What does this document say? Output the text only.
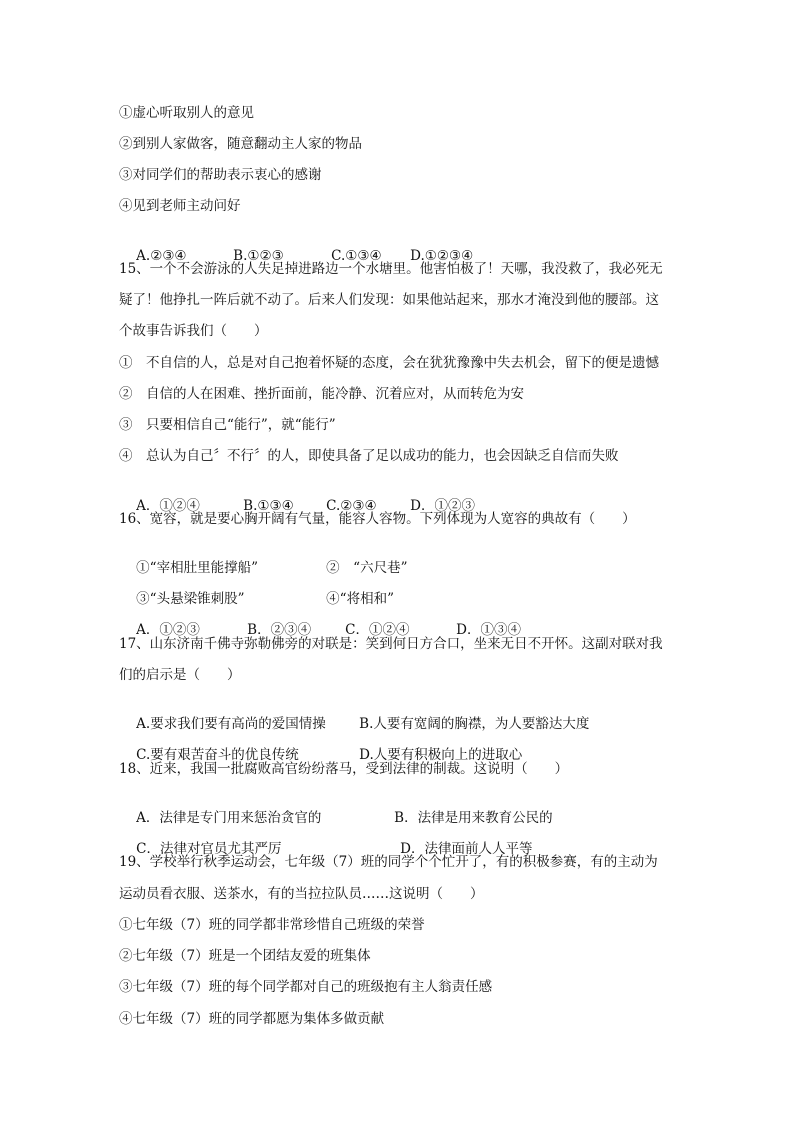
①虚心听取别人的意见
②到别人家做客，随意翻动主人家的物品
③对同学们的帮助表示衷心的感谢
④见到老师主动问好

A.②③④	B.①②③	C.①③④ D.①②③④

15、一个不会游泳的人失足掉进路边一个水塘里。他害怕极了！天哪，我没救了，我必死无
疑了！他挣扎一阵后就不动了。后来人们发现：如果他站起来，那水才淹没到他的腰部。这
个故事告诉我们（　　）
①　不自信的人，总是对自己抱着怀疑的态度，会在犹犹豫豫中失去机会，留下的便是遗憾
②　自信的人在困难、挫折面前，能冷静、沉着应对，从而转危为安
③　只要相信自己“能行”，就“能行”
④　总认为自己〞不行〞的人，即使具备了足以成功的能力，也会因缺乏自信而失败

A．①②④	B.①③④ C.②③④ D．①②③

16、宽容，就是要心胸开阔有气量，能容人容物。下列体现为人宽容的典故有（　　）

①“宰相肚里能撑船”	②　“六尺巷”

③“头悬梁锥刺股”	④“将相和”

A．①②③	B．②③④	C．①②④	D．①③④

17、山东济南千佛寺弥勒佛旁的对联是：笑到何日方合口，坐来无日不开怀。这副对联对我
们的启示是（　　）

A.要求我们要有高尚的爱国情操 B.人要有宽阔的胸襟，为人要豁达大度

C.要有艰苦奋斗的优良传统	D.人要有积极向上的进取心

18、近来，我国一批腐败高官纷纷落马，受到法律的制裁。这说明（　　）

A．法律是专门用来惩治贪官的	B．法律是用来教育公民的

C．法律对官员尤其严厉	D．法律面前人人平等

19、学校举行秋季运动会，七年级（7）班的同学个个忙开了，有的积极参赛，有的主动为
运动员看衣服、送茶水，有的当拉拉队员……这说明（　　）
①七年级（7）班的同学都非常珍惜自己班级的荣誉
②七年级（7）班是一个团结友爱的班集体
③七年级（7）班的每个同学都对自己的班级抱有主人翁责任感
④七年级（7）班的同学都愿为集体多做贡献
